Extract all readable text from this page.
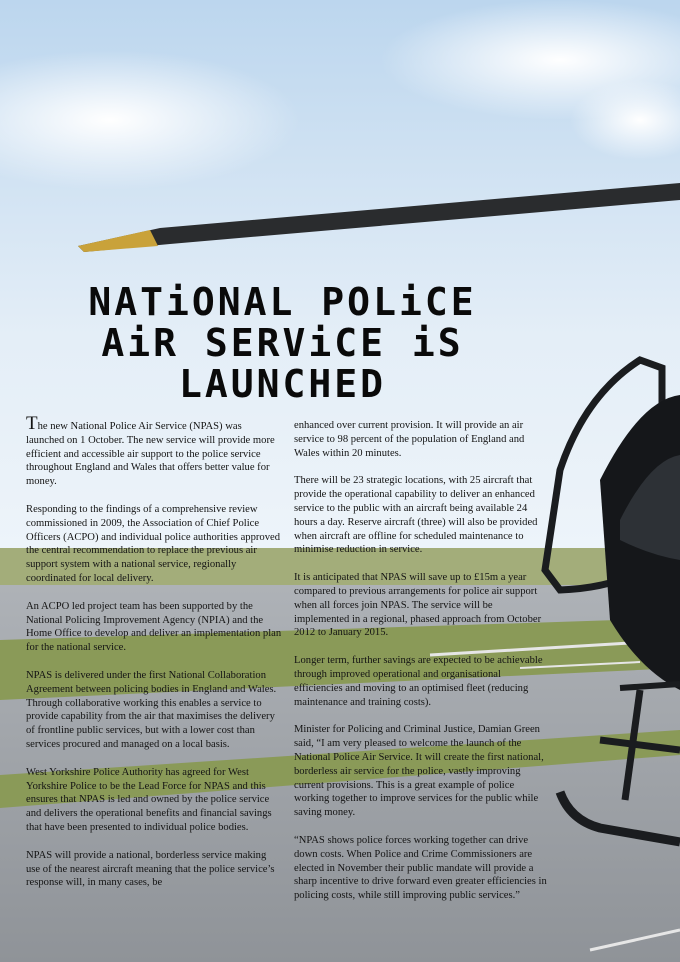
NATiONAL POLiCE
AiR SERViCE iS
LAUNCHED

The new National Police Air Service (NPAS) was launched on 1 October. The new service will provide more efficient and accessible air support to the police service throughout England and Wales that offers better value for money.

Responding to the findings of a comprehensive review commissioned in 2009, the Association of Chief Police Officers (ACPO) and individual police authorities approved the central recommendation to replace the previous air support system with a national service, regionally coordinated for local delivery.

An ACPO led project team has been supported by the National Policing Improvement Agency (NPIA) and the Home Office to develop and deliver an implementation plan for the national service.

NPAS is delivered under the first National Collaboration Agreement between policing bodies in England and Wales. Through collaborative working this enables a service to provide capability from the air that maximises the delivery of frontline public services, but with a lower cost than services procured and managed on a local basis.

West Yorkshire Police Authority has agreed for West Yorkshire Police to be the Lead Force for NPAS and this ensures that NPAS is led and owned by the police service and delivers the operational benefits and financial savings that have been presented to individual police bodies.

NPAS will provide a national, borderless service making use of the nearest aircraft meaning that the police service’s response will, in many cases, be

enhanced over current provision. It will provide an air service to 98 percent of the population of England and Wales within 20 minutes.

There will be 23 strategic locations, with 25 aircraft that provide the operational capability to deliver an enhanced service to the public with an aircraft being available 24 hours a day. Reserve aircraft (three) will also be provided when aircraft are offline for scheduled maintenance to minimise reduction in service.

It is anticipated that NPAS will save up to £15m a year compared to previous arrangements for police air support when all forces join NPAS. The service will be implemented in a regional, phased approach from October 2012 to January 2015.

Longer term, further savings are expected to be achievable through improved operational and organisational efficiencies and moving to an optimised fleet (reducing maintenance and training costs).

Minister for Policing and Criminal Justice, Damian Green said, “I am very pleased to welcome the launch of the National Police Air Service. It will create the first national, borderless air service for the police, vastly improving current provisions. This is a great example of police working together to improve services for the public while saving money.

“NPAS shows police forces working together can drive down costs. When Police and Crime Commissioners are elected in November their public mandate will provide a sharp incentive to drive forward even greater efficiencies in policing costs, while still improving public services.”
